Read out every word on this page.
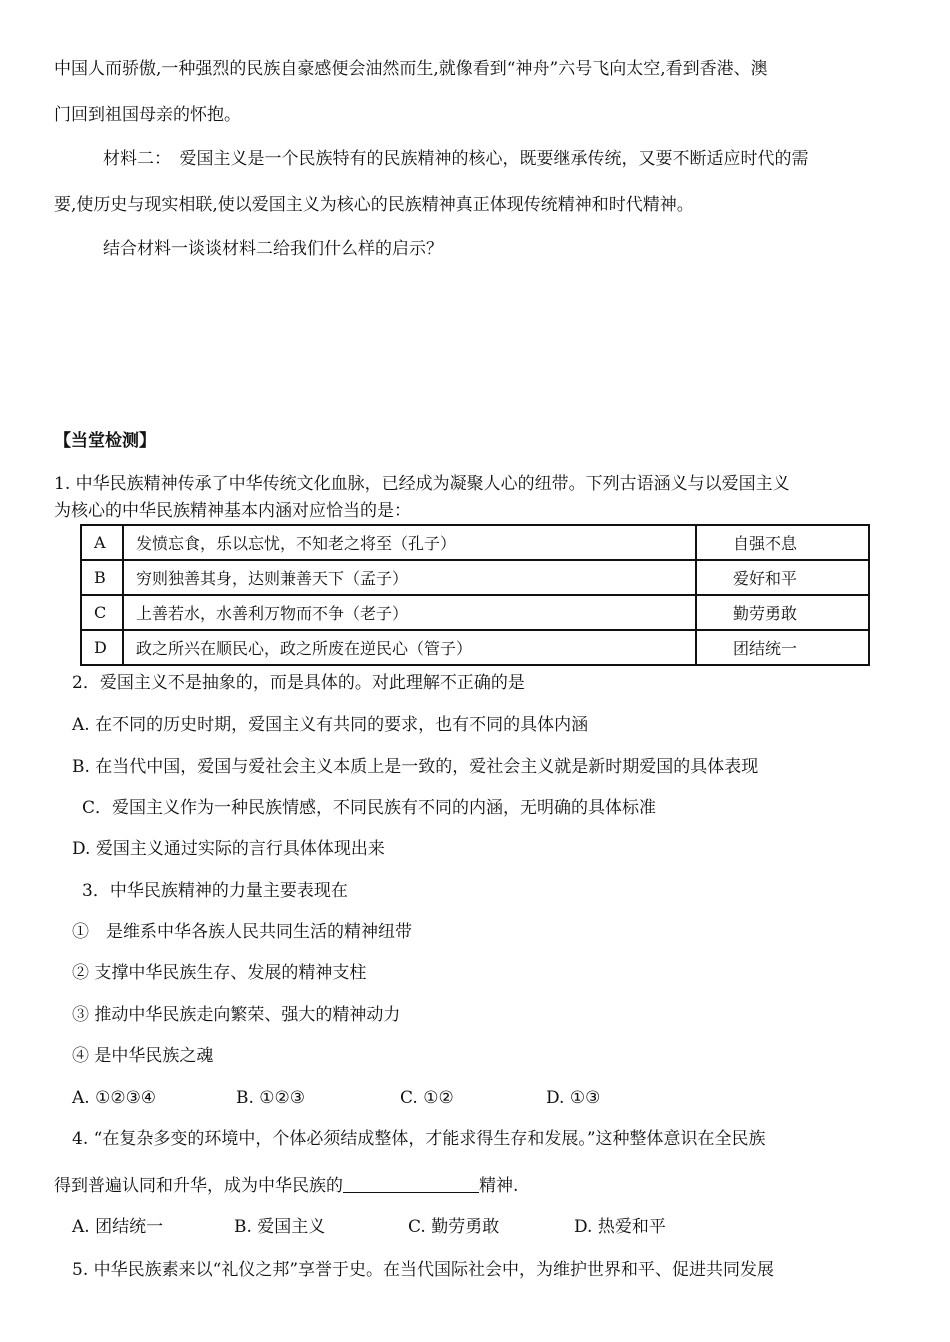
中国人而骄傲,一种强烈的民族自豪感便会油然而生,就像看到“神舟”六号飞向太空,看到香港、澳
门回到祖国母亲的怀抱。
材料二：　爱国主义是一个民族特有的民族精神的核心，既要继承传统，又要不断适应时代的需
要,使历史与现实相联,使以爱国主义为核心的民族精神真正体现传统精神和时代精神。
结合材料一谈谈材料二给我们什么样的启示？
【当堂检测】
1. 中华民族精神传承了中华传统文化血脉，已经成为凝聚人心的纽带。下列古语涵义与以爱国主义
为核心的中华民族精神基本内涵对应恰当的是：
A	发愤忘食，乐以忘忧，不知老之将至（孔子）	自强不息
B	穷则独善其身，达则兼善天下（孟子）	爱好和平
C	上善若水，水善利万物而不争（老子）	勤劳勇敢
D	政之所兴在顺民心，政之所废在逆民心（管子）	团结统一
2．爱国主义不是抽象的，而是具体的。对此理解不正确的是
A. 在不同的历史时期，爱国主义有共同的要求，也有不同的具体内涵
B. 在当代中国，爱国与爱社会主义本质上是一致的，爱社会主义就是新时期爱国的具体表现
C．爱国主义作为一种民族情感，不同民族有不同的内涵，无明确的具体标准
D. 爱国主义通过实际的言行具体体现出来
3．中华民族精神的力量主要表现在
①　是维系中华各族人民共同生活的精神纽带
② 支撑中华民族生存、发展的精神支柱
③ 推动中华民族走向繁荣、强大的精神动力
④ 是中华民族之魂
A. ①②③④	B. ①②③	C. ①②	D. ①③
4. “在复杂多变的环境中，个体必须结成整体，才能求得生存和发展。”这种整体意识在全民族
得到普遍认同和升华，成为中华民族的	精神.
A. 团结统一	B. 爱国主义	C. 勤劳勇敢	D. 热爱和平
5. 中华民族素来以“礼仪之邦”享誉于史。在当代国际社会中，为维护世界和平、促进共同发展
